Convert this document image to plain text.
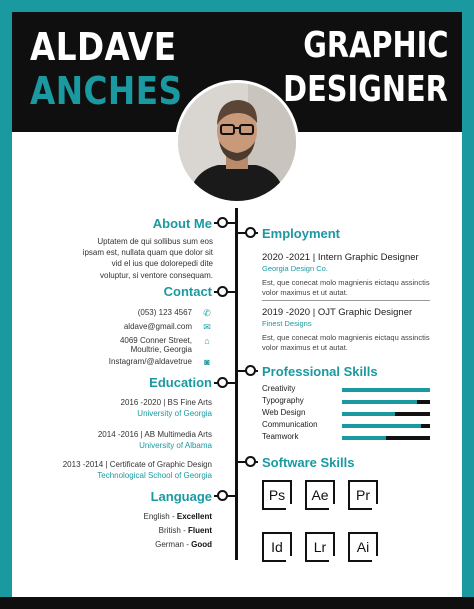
ALDAVE
ANCHES
GRAPHIC
DESIGNER
About Me
Uptatem de qui sollibus sum eos ipsam est, nullata quam que dolor sit vid el ius que dolorepedi dite voluptur, si ventore consequam.
Contact
(053) 123 4567 ✆
aldave@gmail.com ✉
4069 Conner Street, ⌂
Moultrie, Georgia
Instagram/@aldavetrue ◙
Education
2016 -2020 | BS Fine Arts
University of Georgia
2014 -2016 | AB Multimedia Arts
University of Albama
2013 -2014 | Certificate of Graphic Design
Technological School of Georgia
Language
English - Excellent
British - Fluent
German - Good
Employment
2020 -2021 | Intern Graphic Designer
Georgia Design Co.
Est, que conecat molo magnienis eictaqu assinctis volor maximus et ut autat.
2019 -2020 | OJT Graphic Designer
Finest Designs
Est, que conecat molo magnienis eictaqu assinctis volor maximus et ut autat.
Professional Skills
Creativity
Typography
Web Design
Communication
Teamwork
Software Skills
Ps	Ae	Pr
Id	Lr	Ai
